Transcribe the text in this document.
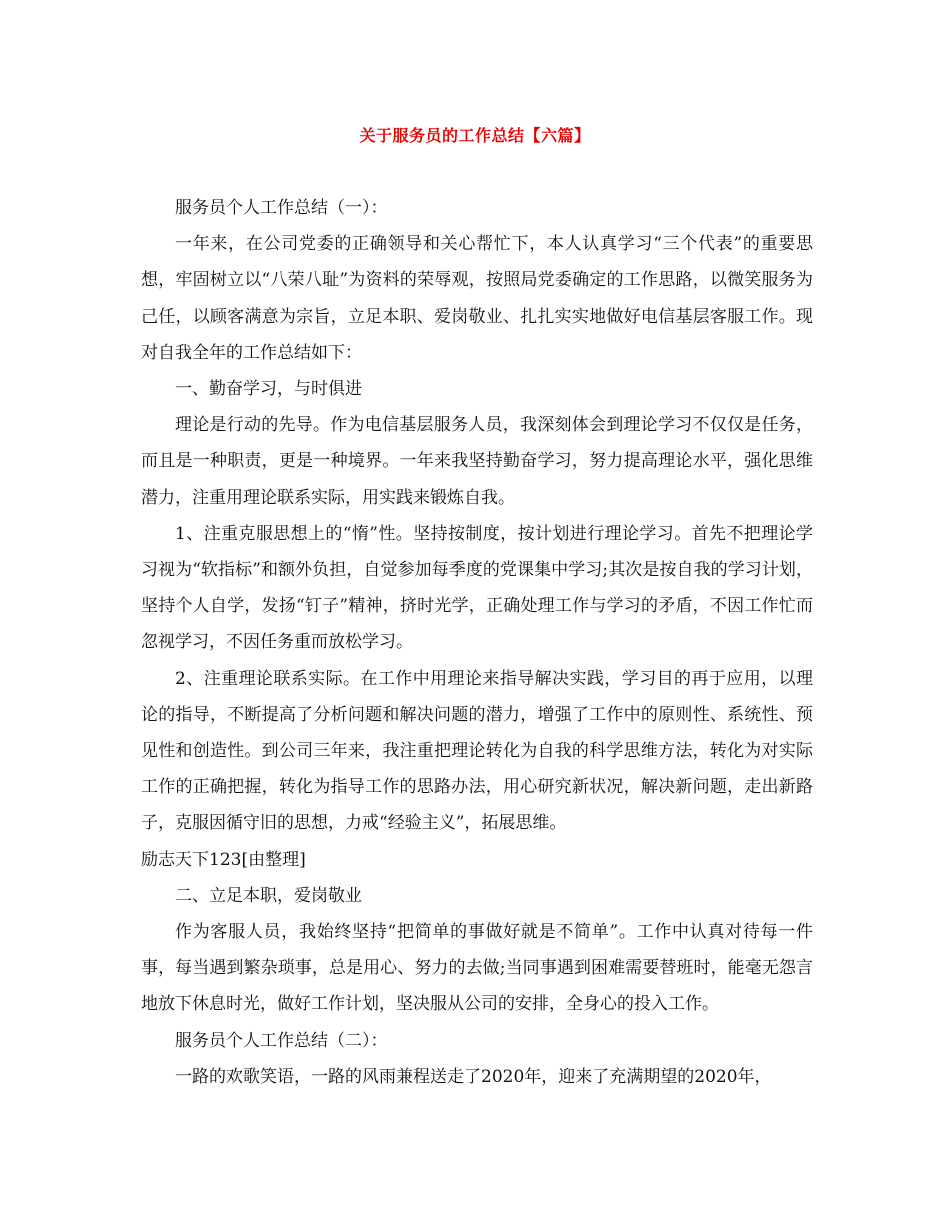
关于服务员的工作总结【六篇】

服务员个人工作总结（一）：

一年来，在公司党委的正确领导和关心帮忙下，本人认真学习“三个代表”的重要思想，牢固树立以“八荣八耻”为资料的荣辱观，按照局党委确定的工作思路，以微笑服务为己任，以顾客满意为宗旨，立足本职、爱岗敬业、扎扎实实地做好电信基层客服工作。现对自我全年的工作总结如下：

一、勤奋学习，与时俱进

理论是行动的先导。作为电信基层服务人员，我深刻体会到理论学习不仅仅是任务，而且是一种职责，更是一种境界。一年来我坚持勤奋学习，努力提高理论水平，强化思维潜力，注重用理论联系实际，用实践来锻炼自我。

1、注重克服思想上的“惰”性。坚持按制度，按计划进行理论学习。首先不把理论学习视为“软指标”和额外负担，自觉参加每季度的党课集中学习;其次是按自我的学习计划，坚持个人自学，发扬“钉子”精神，挤时光学，正确处理工作与学习的矛盾，不因工作忙而忽视学习，不因任务重而放松学习。

2、注重理论联系实际。在工作中用理论来指导解决实践，学习目的再于应用，以理论的指导，不断提高了分析问题和解决问题的潜力，增强了工作中的原则性、系统性、预见性和创造性。到公司三年来，我注重把理论转化为自我的科学思维方法，转化为对实际工作的正确把握，转化为指导工作的思路办法，用心研究新状况，解决新问题，走出新路子，克服因循守旧的思想，力戒“经验主义”，拓展思维。

励志天下123[由整理]

二、立足本职，爱岗敬业

作为客服人员，我始终坚持“把简单的事做好就是不简单”。工作中认真对待每一件事，每当遇到繁杂琐事，总是用心、努力的去做;当同事遇到困难需要替班时，能毫无怨言地放下休息时光，做好工作计划，坚决服从公司的安排，全身心的投入工作。

服务员个人工作总结（二）：

一路的欢歌笑语，一路的风雨兼程送走了2020年，迎来了充满期望的2020年，
